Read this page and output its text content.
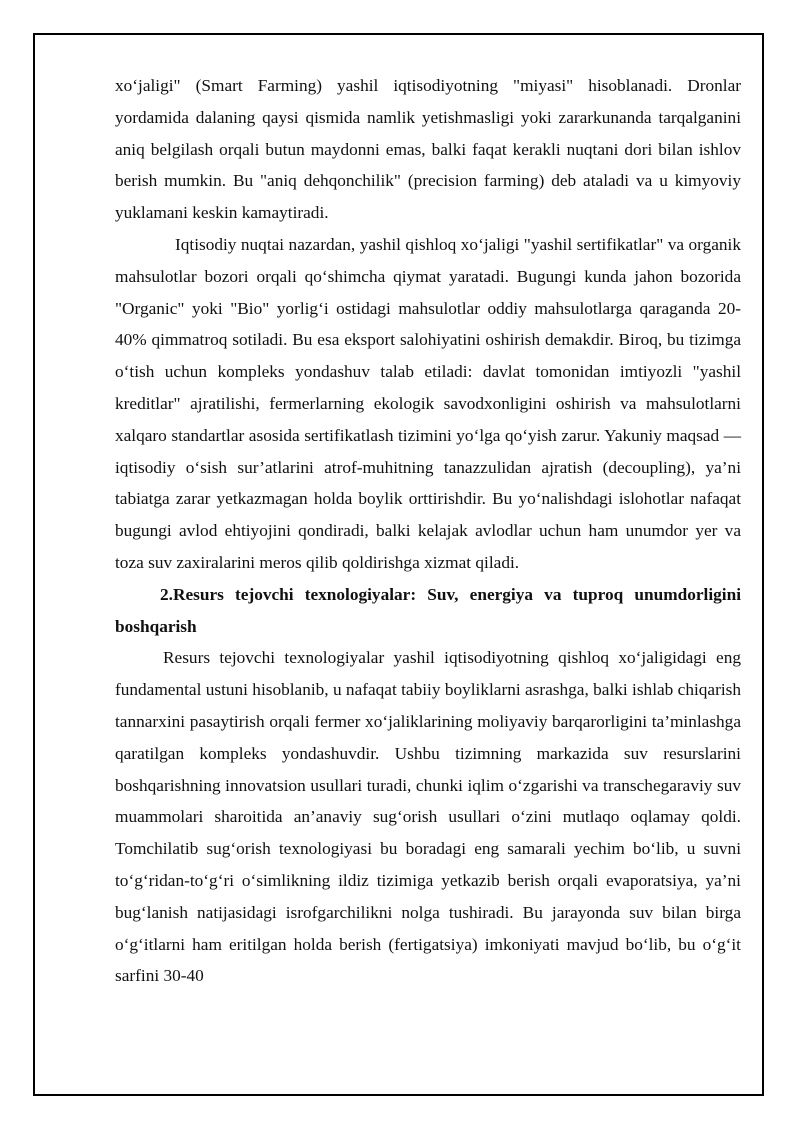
xo‘jaligi" (Smart Farming) yashil iqtisodiyotning "miyasi" hisoblanadi. Dronlar yordamida dalaning qaysi qismida namlik yetishmasligi yoki zararkunanda tarqalganini aniq belgilash orqali butun maydonni emas, balki faqat kerakli nuqtani dori bilan ishlov berish mumkin. Bu "aniq dehqonchilik" (precision farming) deb ataladi va u kimyoviy yuklamani keskin kamaytiradi.

Iqtisodiy nuqtai nazardan, yashil qishloq xo‘jaligi "yashil sertifikatlar" va organik mahsulotlar bozori orqali qo‘shimcha qiymat yaratadi. Bugungi kunda jahon bozorida "Organic" yoki "Bio" yorlig‘i ostidagi mahsulotlar oddiy mahsulotlarga qaraganda 20-40% qimmatroq sotiladi. Bu esa eksport salohiyatini oshirish demakdir. Biroq, bu tizimga o‘tish uchun kompleks yondashuv talab etiladi: davlat tomonidan imtiyozli "yashil kreditlar" ajratilishi, fermerlarning ekologik savodxonligini oshirish va mahsulotlarni xalqaro standartlar asosida sertifikatlash tizimini yo‘lga qo‘yish zarur. Yakuniy maqsad — iqtisodiy o‘sish sur’atlarini atrof-muhitning tanazzulidan ajratish (decoupling), ya’ni tabiatga zarar yetkazmagan holda boylik orttirishdir. Bu yo‘nalishdagi islohotlar nafaqat bugungi avlod ehtiyojini qondiradi, balki kelajak avlodlar uchun ham unumdor yer va toza suv zaxiralarini meros qilib qoldirishga xizmat qiladi.

2.Resurs tejovchi texnologiyalar: Suv, energiya va tuproq unumdorligini boshqarish

Resurs tejovchi texnologiyalar yashil iqtisodiyotning qishloq xo‘jaligidagi eng fundamental ustuni hisoblanib, u nafaqat tabiiy boyliklarni asrashga, balki ishlab chiqarish tannarxini pasaytirish orqali fermer xo‘jaliklarining moliyaviy barqarorligini ta’minlashga qaratilgan kompleks yondashuvdir. Ushbu tizimning markazida suv resurslarini boshqarishning innovatsion usullari turadi, chunki iqlim o‘zgarishi va transchegaraviy suv muammolari sharoitida an’anaviy sug‘orish usullari o‘zini mutlaqo oqlamay qoldi. Tomchilatib sug‘orish texnologiyasi bu boradagi eng samarali yechim bo‘lib, u suvni to‘g‘ridan-to‘g‘ri o‘simlikning ildiz tizimiga yetkazib berish orqali evaporatsiya, ya’ni bug‘lanish natijasidagi isrofgarchilikni nolga tushiradi. Bu jarayonda suv bilan birga o‘g‘itlarni ham eritilgan holda berish (fertigatsiya) imkoniyati mavjud bo‘lib, bu o‘g‘it sarfini 30-40
